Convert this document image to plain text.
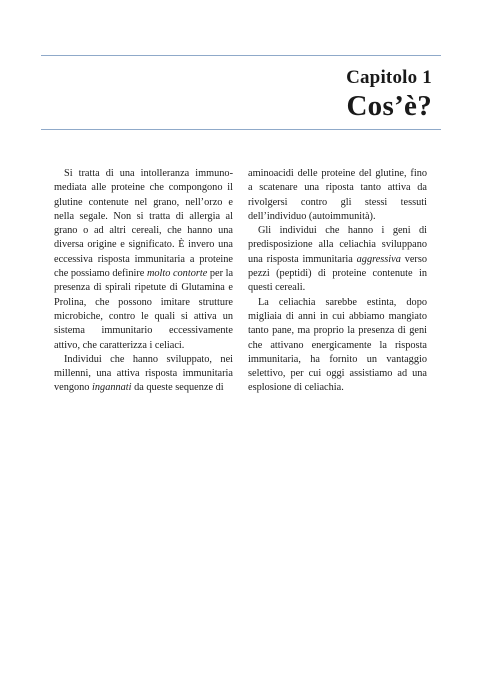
Capitolo 1
Cos’è?

Si tratta di una intolleranza immunomediata alle proteine che compongono il glutine contenute nel grano, nell’orzo e nella segale. Non si tratta di allergia al grano o ad altri cereali, che hanno una diversa origine e significato. È invero una eccessiva risposta immunitaria a proteine che possiamo definire molto contorte per la presenza di spirali ripetute di Glutamina e Prolina, che possono imitare strutture microbiche, contro le quali si attiva un sistema immunitario eccessivamente attivo, che caratterizza i celiaci.

Individui che hanno sviluppato, nei millenni, una attiva risposta immunitaria vengono ingannati da queste sequenze di

aminoacidi delle proteine del glutine, fino a scatenare una riposta tanto attiva da rivolgersi contro gli stessi tessuti dell’individuo (autoimmunità).

Gli individui che hanno i geni di predisposizione alla celiachia sviluppano una risposta immunitaria aggressiva verso pezzi (peptidi) di proteine contenute in questi cereali.

La celiachia sarebbe estinta, dopo migliaia di anni in cui abbiamo mangiato tanto pane, ma proprio la presenza di geni che attivano energicamente la risposta immunitaria, ha fornito un vantaggio selettivo, per cui oggi assistiamo ad una esplosione di celiachia.
